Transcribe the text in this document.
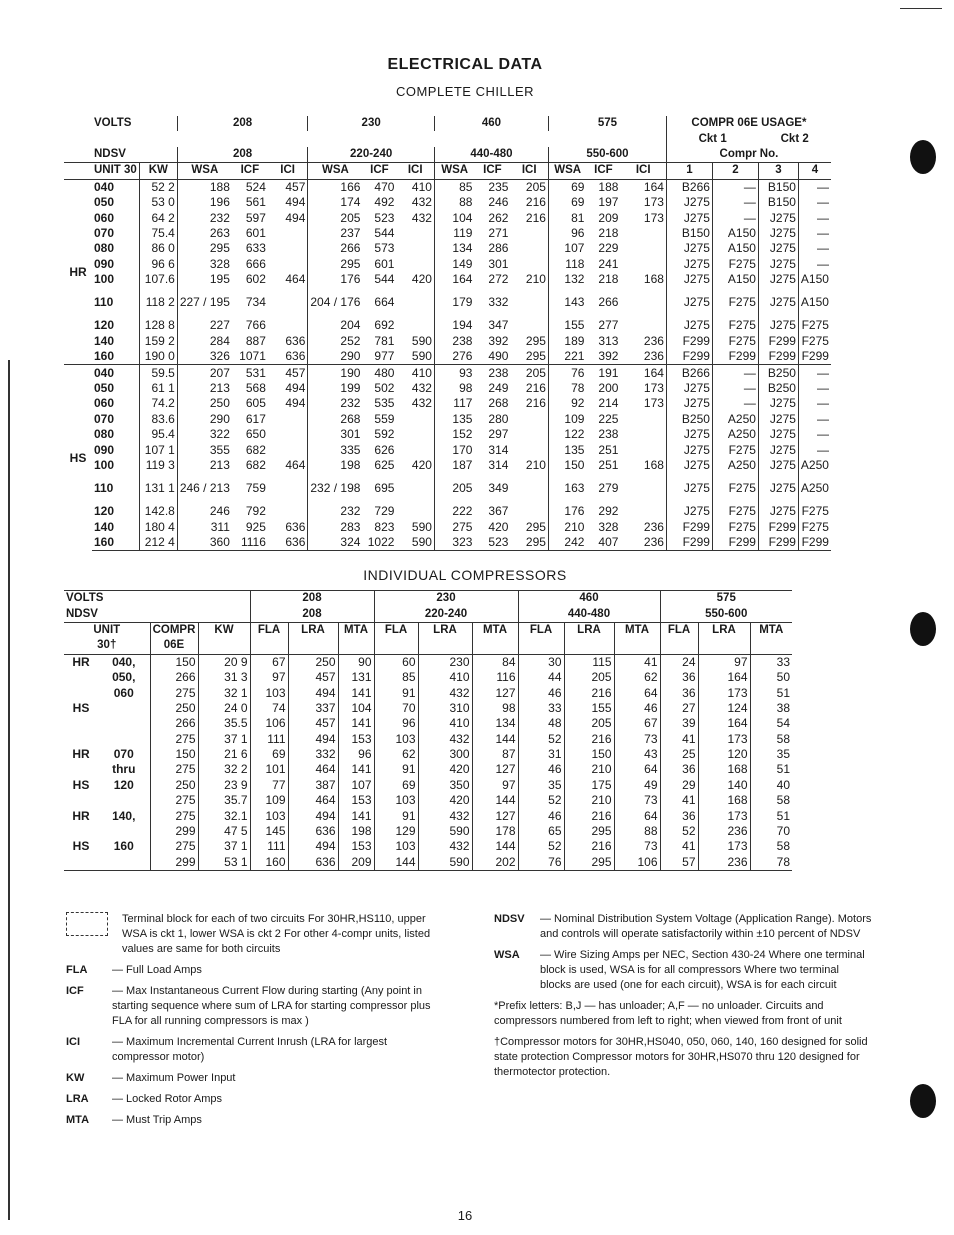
ELECTRICAL DATA
COMPLETE CHILLER
	VOLTS		208			230			460			575			COMPR 06E USAGE*			
															Ckt 1		Ckt 2	
	NDSV		208			220-240			440-480			550-600			Compr No.			
	UNIT 30	KW	WSA	ICF	ICI	WSA	ICF	ICI	WSA	ICF	ICI	WSA	ICF	ICI	1	2	3	4
HR	040	52 2	188	524	457	166	470	410	85	235	205	69	188	164	B266	—	B150	—
	050	53 0	196	561	494	174	492	432	88	246	216	69	197	173	J275	—	B150	—
	060	64 2	232	597	494	205	523	432	104	262	216	81	209	173	J275	—	J275	—
	070	75.4	263	601		237	544		119	271		96	218		B150	A150	J275	—
	080	86 0	295	633		266	573		134	286		107	229		J275	A150	J275	—
	090	96 6	328	666		295	601		149	301		118	241		J275	F275	J275	—
	100	107.6	195	602	464	176	544	420	164	272	210	132	218	168	J275	A150	J275	A150
	110	118 2	227 / 195	734		204 / 176	664		179	332		143	266		J275	F275	J275	A150
	120	128 8	227	766		204	692		194	347		155	277		J275	F275	J275	F275
	140	159 2	284	887	636	252	781	590	238	392	295	189	313	236	F299	F275	F299	F275
	160	190 0	326	1071	636	290	977	590	276	490	295	221	392	236	F299	F299	F299	F299
HS	040	59.5	207	531	457	190	480	410	93	238	205	76	191	164	B266	—	B250	—
	050	61 1	213	568	494	199	502	432	98	249	216	78	200	173	J275	—	B250	—
	060	74.2	250	605	494	232	535	432	117	268	216	92	214	173	J275	—	J275	—
	070	83.6	290	617		268	559		135	280		109	225		B250	A250	J275	—
	080	95.4	322	650		301	592		152	297		122	238		J275	A250	J275	—
	090	107 1	355	682		335	626		170	314		135	251		J275	F275	J275	—
	100	119 3	213	682	464	198	625	420	187	314	210	150	251	168	J275	A250	J275	A250
	110	131 1	246 / 213	759		232 / 198	695		205	349		163	279		J275	F275	J275	A250
	120	142.8	246	792		232	729		222	367		176	292		J275	F275	J275	F275
	140	180 4	311	925	636	283	823	590	275	420	295	210	328	236	F299	F275	F299	F275
	160	212 4	360	1116	636	324	1022	590	323	523	295	242	407	236	F299	F299	F299	F299
INDIVIDUAL COMPRESSORS
VOLTS				208			230			460			575		
NDSV				208			220-240			440-480			550-600		
UNIT		COMPR	KW	FLA	LRA	MTA	FLA	LRA	MTA	FLA	LRA	MTA	FLA	LRA	MTA
30†		06E													
HR	040,	150	20 9	67	250	90	60	230	84	30	115	41	24	97	33
	050,	266	31 3	97	457	131	85	410	116	44	205	62	36	164	50
	060	275	32 1	103	494	141	91	432	127	46	216	64	36	173	51
HS		250	24 0	74	337	104	70	310	98	33	155	46	27	124	38
		266	35.5	106	457	141	96	410	134	48	205	67	39	164	54
		275	37 1	111	494	153	103	432	144	52	216	73	41	173	58
HR	070	150	21 6	69	332	96	62	300	87	31	150	43	25	120	35
	thru	275	32 2	101	464	141	91	420	127	46	210	64	36	168	51
HS	120	250	23 9	77	387	107	69	350	97	35	175	49	29	140	40
		275	35.7	109	464	153	103	420	144	52	210	73	41	168	58
HR	140,	275	32.1	103	494	141	91	432	127	46	216	64	36	173	51
		299	47 5	145	636	198	129	590	178	65	295	88	52	236	70
HS	160	275	37 1	111	494	153	103	432	144	52	216	73	41	173	58
		299	53 1	160	636	209	144	590	202	76	295	106	57	236	78
Terminal block for each of two circuits For 30HR,HS110, upper WSA is ckt 1, lower WSA is ckt 2 For other 4-compr units, listed values are same for both circuits
FLA	— Full Load Amps
ICF	— Max Instantaneous Current Flow during starting (Any point in starting sequence where sum of LRA for starting compressor plus FLA for all running compressors is max )
ICI	— Maximum Incremental Current Inrush (LRA for largest compressor motor)
KW	— Maximum Power Input
LRA	— Locked Rotor Amps
MTA	— Must Trip Amps
NDSV	— Nominal Distribution System Voltage (Application Range). Motors and controls will operate satisfactorily within ±10 percent of NDSV
WSA	— Wire Sizing Amps per NEC, Section 430-24 Where one terminal block is used, WSA is for all compressors Where two terminal blocks are used (one for each circuit), WSA is for each circuit
*Prefix letters: B,J — has unloader; A,F — no unloader. Circuits and compressors numbered from left to right; when viewed from front of unit
†Compressor motors for 30HR,HS040, 050, 060, 140, 160 designed for solid state protection Compressor motors for 30HR,HS070 thru 120 designed for thermotector protection.
16
